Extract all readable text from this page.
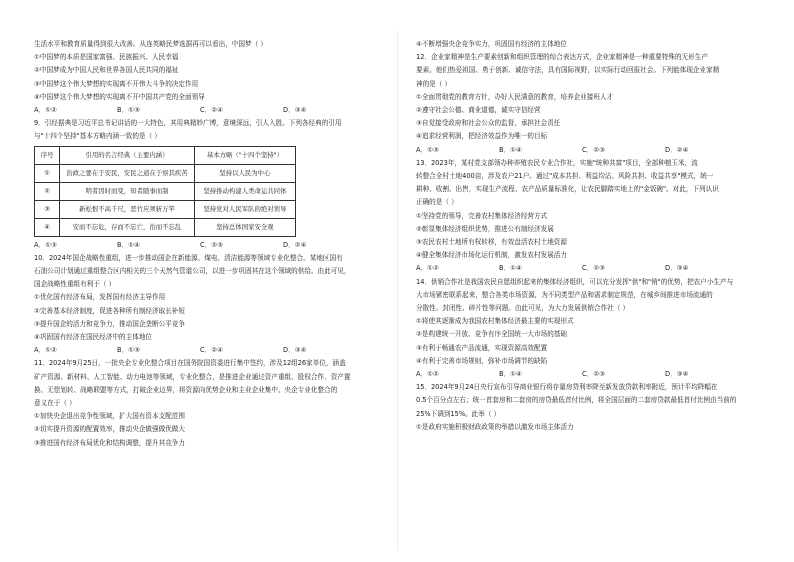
生活水平和教育质量得到很大改善。从连英略民梦选据再可以看出，中国梦（ ）
①中国梦的本质是国家富强、民族振兴、人民幸福
②中国梦成为中国人民和世界各国人民共同的福祉
③中国梦这个伟大梦想的实现离不开伟大斗争的决定作用
④中国梦这个伟大梦想的实现离不开中国共产党的全面领导
A．①②	B．①③	C．②④	D．③④
9．引经据典是习近平总书记讲话的一大特色，其用典精妙广博，意境深远，引人入胜。下列各经典的引用
与"十四个坚持"基本方略内涵一致的是（ ）
序号	引用的名言经典（主要内涵）	基本方略（"十四个坚持"）
①	治政之要在于安民，安民之道在于察其疾苦	坚持以人民为中心
②	明者因时而变，知者随事而制	坚持推动构建人类命运共同体
③	新松恨不高千尺，恶竹应须斩万竿	坚持党对人民军队的绝对领导
④	安而不忘危，存而不忘亡，治而不忘乱	坚持总体国家安全观
A．①③	B．①④	C．②③	D．②④
10．2024年国企战略性重组，进一步推动国企在新能源、煤电、清洁能源等领域专业化整合。某地区国有
石油公司计划通过重组整合区内相关的三个天然气管道公司，以进一步巩固其在这个领域的供给。由此可见，
国企战略性重组有利于（ ）
①优化国有经济布局，发挥国有经济主导作用
②完善基本经济制度，促进各种所有制经济取长补短
③提升国企的活力和竞争力，推动国企垄断公平竞争
④巩固国有经济在国民经济中的主体地位
A．①②	B．①③	C．②④	D．③④
11．2024年9月25日，一批央企专业化整合项目在国务院国资委进行集中签约，涉及12组26家单位，涵盖
矿产资源、新材料、人工智能、动力电池等领域，专业化整合，是推进企业通过资产重组、股权合作、资产置
换、无偿划转、战略联盟等方式，打破企业边界，将资源向优势企业和主业企业集中。央企专业化整合的
意义在于（ ）
①加快央企退出竞争性领域，扩大国有资本支配范围
②切实提升资源的配置效率，推动央企做强做优做大
③推进国有经济布局优化和结构调整，提升其竞争力
④不断增强央企竞争实力，巩固国有经济的主体地位
12．企业家精神是生产要素创新和组织管理的综合表达方式，企业家精神是一种重要特殊的无形生产
要素。他们热爱祖国、勇于创新、诚信守法，具有国际视野，以实际行动回报社会。下列能体现企业家精
神的是（ ）
①全面贯彻党的教育方针，办好人民满意的教育，培养企业接班人才
②遵守社会公德、商业道德，诚实守信经营
③自觉接受政府和社会公众的监督，承担社会责任
④追求经营利润，把经济效益作为唯一的目标
A．①③	B．①④	C．②③	D．②④
13．2023年，某村党支部领办种养殖农民专业合作社，实施"统种共富"项目，全部种植玉米，流
转整合全村土地400亩，涉及农户21户。通过"成本共担、利益均沾、风险共担、收益共享"模式，统一
耕种、收割、出售，实现生产流程、农产品质量标准化，让农民脚踏实地上的"金饭碗"。对此，下列认识
正确的是（ ）
①坚持党的领导，完善农村集体经济经营方式
②彰显集体经济组织优势，推进公有制经济发展
③农民农村土地所有权转移，有效盘活农村土地资源
④健全集体经济市场化运行机制，激发农村发展活力
A．①②	B．①④	C．②③	D．③④
14．供销合作社是我国农民自愿组织起来的集体经济组织，可以充分发挥"供"和"销"的优势，把农户小生产与
大市场紧密联系起来，整合各类市场资源，为不同类型产品和需求制定规范，在城乡间推进市场流通的
分散性、封闭性、碎片性等问题。由此可见，为大力发展供销合作社（ ）
①将使其逐渐成为我国农村集体经济最主要的实现形式
②是构建统一开放、竞争有序全国统一大市场的基础
③有利于畅通农产品流通，实现资源高效配置
④有利于完善市场规则，弥补市场调节的缺陷
A．①②	B．①④	C．②③	D．③④
15．2024年9月24日央行宣布引导商业银行将存量房贷利率降至新发放贷款利率附近，预计平均降幅在
0.5个百分点左右；统一首套房和二套房的房贷最低首付比例，将全国层面的二套房贷款最低首付比例由当前的
25%下调到15%。此举（ ）
①是政府实施积极财政政策的举措以激发市场主体活力
